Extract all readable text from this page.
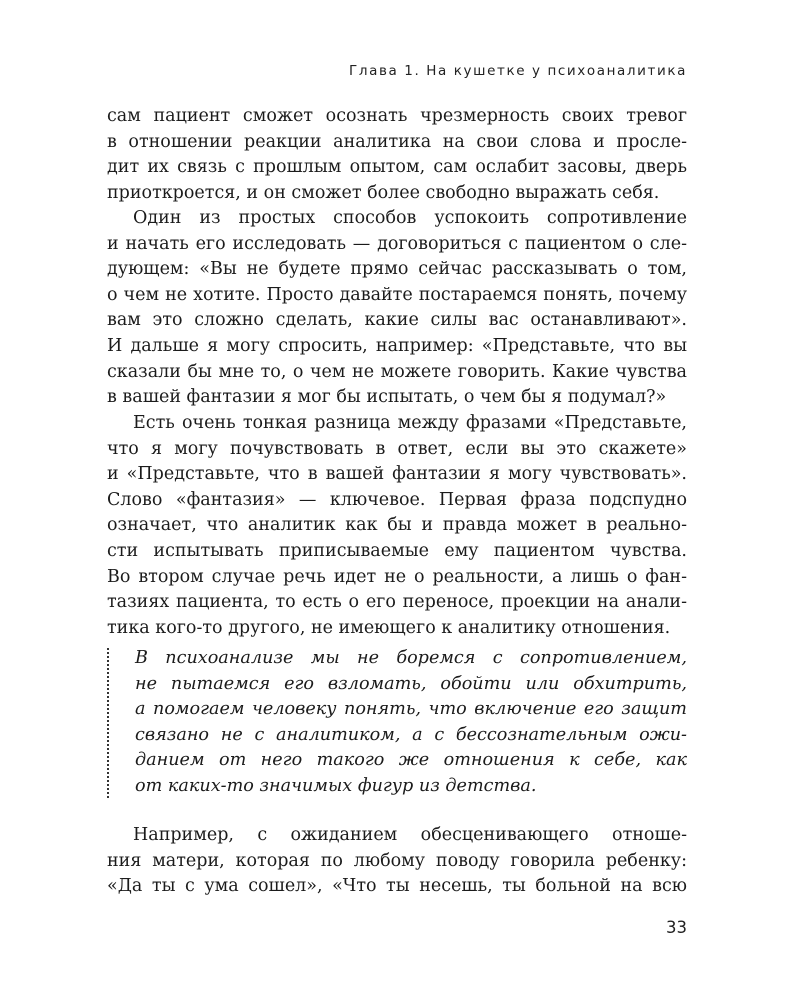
Глава 1. На кушетке у психоаналитика
сам пациент сможет осознать чрезмерность своих тревог
в отношении реакции аналитика на свои слова и просле-
дит их связь с прошлым опытом, сам ослабит засовы, дверь
приоткроется, и он сможет более свободно выражать себя.
Один из простых способов успокоить сопротивление
и начать его исследовать — договориться с пациентом о сле-
дующем: «Вы не будете прямо сейчас рассказывать о том,
о чем не хотите. Просто давайте постараемся понять, почему
вам это сложно сделать, какие силы вас останавливают».
И дальше я могу спросить, например: «Представьте, что вы
сказали бы мне то, о чем не можете говорить. Какие чувства
в вашей фантазии я мог бы испытать, о чем бы я подумал?»
Есть очень тонкая разница между фразами «Представьте,
что я могу почувствовать в ответ, если вы это скажете»
и «Представьте, что в вашей фантазии я могу чувствовать».
Слово «фантазия» — ключевое. Первая фраза подспудно
означает, что аналитик как бы и правда может в реально-
сти испытывать приписываемые ему пациентом чувства.
Во втором случае речь идет не о реальности, а лишь о фан-
тазиях пациента, то есть о его переносе, проекции на анали-
тика кого-то другого, не имеющего к аналитику отношения.
В психоанализе мы не боремся с сопротивлением,
не пытаемся его взломать, обойти или обхитрить,
а помогаем человеку понять, что включение его защит
связано не с аналитиком, а с бессознательным ожи-
данием от него такого же отношения к себе, как
от каких-то значимых фигур из детства.
Например, с ожиданием обесценивающего отноше-
ния матери, которая по любому поводу говорила ребенку:
«Да ты с ума сошел», «Что ты несешь, ты больной на всю
33
